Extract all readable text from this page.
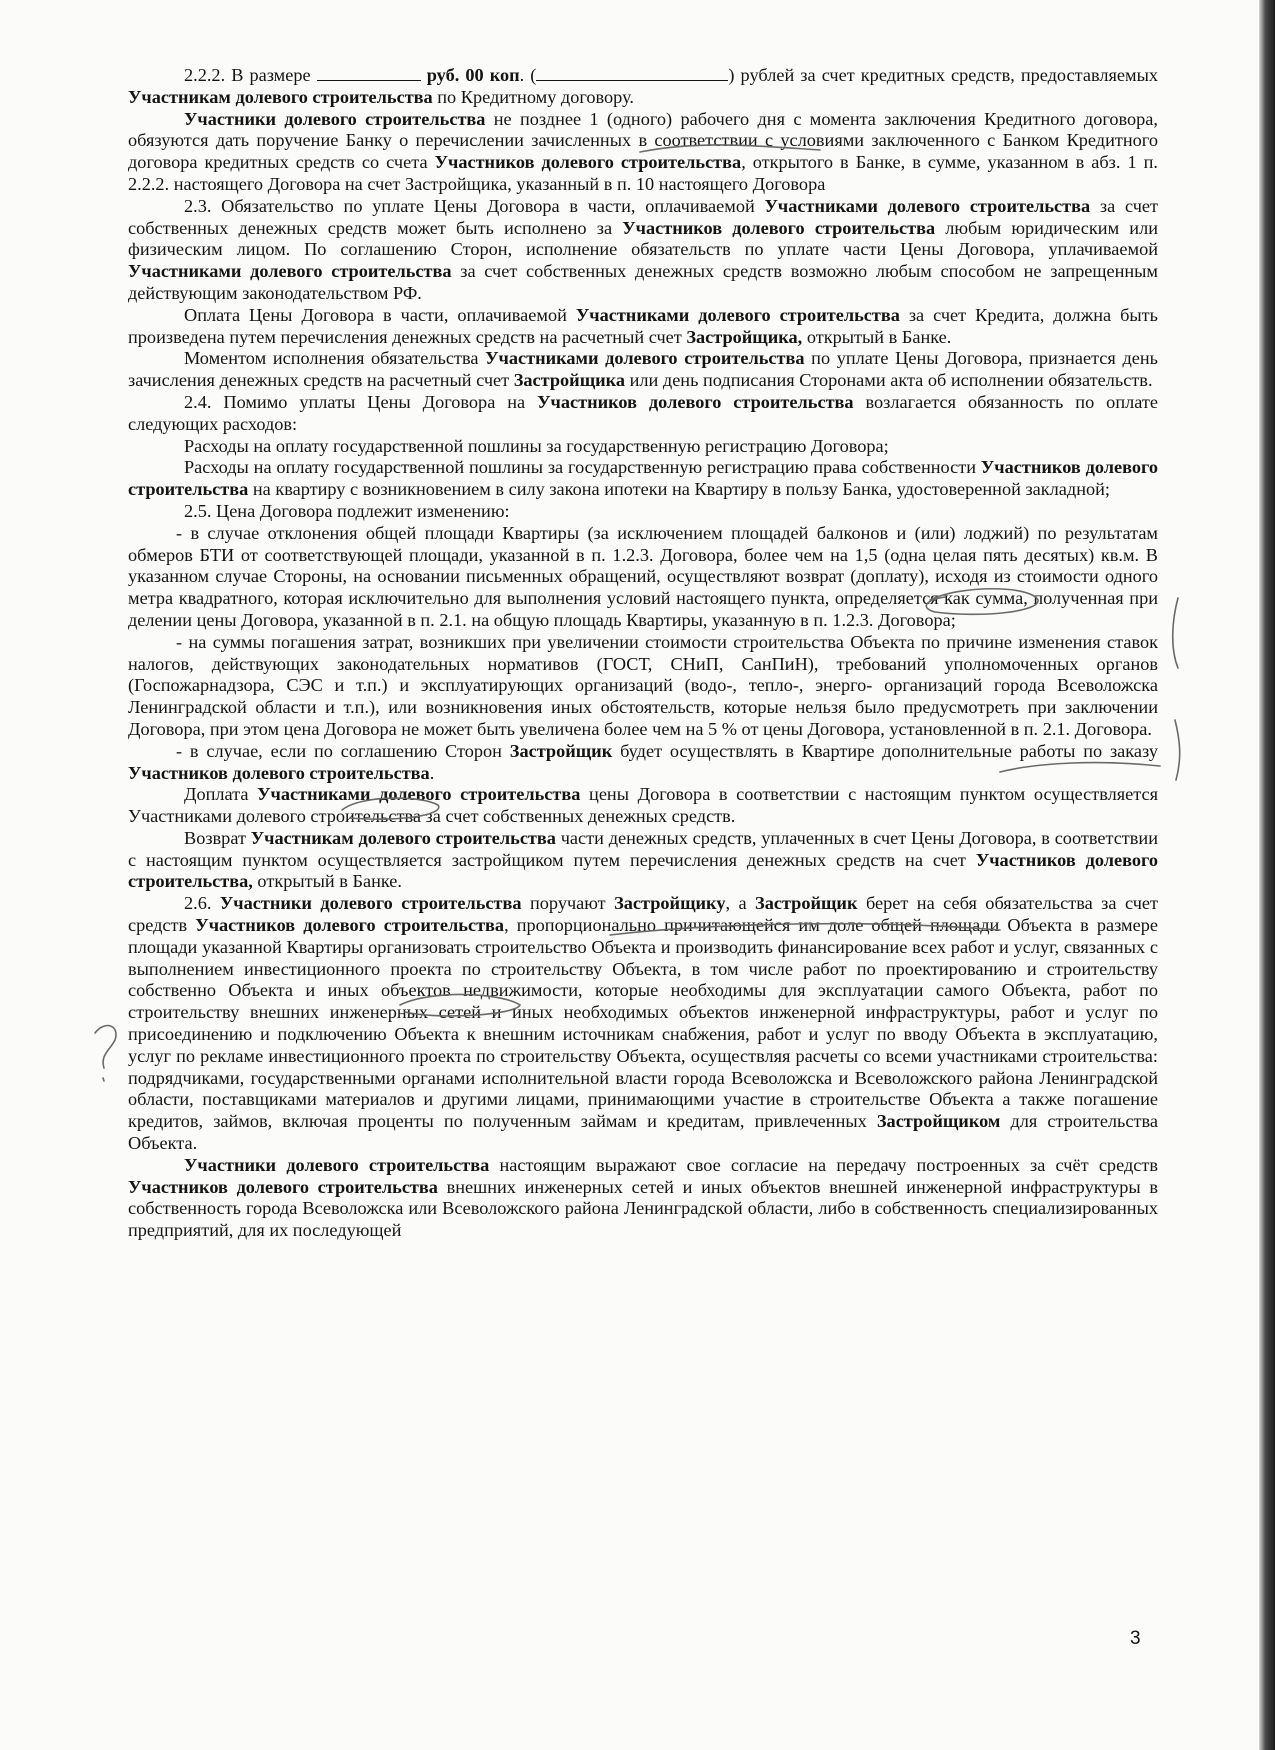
2.2.2. В размере	руб. 00 коп. (	) рублей за счет кредитных средств, предоставляемых Участникам долевого строительства по Кредитному договору.

Участники долевого строительства не позднее 1 (одного) рабочего дня с момента заключения Кредитного договора, обязуются дать поручение Банку о перечислении зачисленных в соответствии с условиями заключенного с Банком Кредитного договора кредитных средств со счета Участников долевого строительства, открытого в Банке, в сумме, указанном в абз. 1 п. 2.2.2. настоящего Договора на счет Застройщика, указанный в п. 10 настоящего Договора

2.3. Обязательство по уплате Цены Договора в части, оплачиваемой Участниками долевого строительства за счет собственных денежных средств может быть исполнено за Участников долевого строительства любым юридическим или физическим лицом. По соглашению Сторон, исполнение обязательств по уплате части Цены Договора, уплачиваемой Участниками долевого строительства за счет собственных денежных средств возможно любым способом не запрещенным действующим законодательством РФ.

Оплата Цены Договора в части, оплачиваемой Участниками долевого строительства за счет Кредита, должна быть произведена путем перечисления денежных средств на расчетный счет Застройщика, открытый в Банке.

Моментом исполнения обязательства Участниками долевого строительства по уплате Цены Договора, признается день зачисления денежных средств на расчетный счет Застройщика или день подписания Сторонами акта об исполнении обязательств.

2.4. Помимо уплаты Цены Договора на Участников долевого строительства возлагается обязанность по оплате следующих расходов:

Расходы на оплату государственной пошлины за государственную регистрацию Договора;

Расходы на оплату государственной пошлины за государственную регистрацию права собственности Участников долевого строительства на квартиру с возникновением в силу закона ипотеки на Квартиру в пользу Банка, удостоверенной закладной;

2.5. Цена Договора подлежит изменению:

- в случае отклонения общей площади Квартиры (за исключением площадей балконов и (или) лоджий) по результатам обмеров БТИ от соответствующей площади, указанной в п. 1.2.3. Договора, более чем на 1,5 (одна целая пять десятых) кв.м. В указанном случае Стороны, на основании письменных обращений, осуществляют возврат (доплату), исходя из стоимости одного метра квадратного, которая исключительно для выполнения условий настоящего пункта, определяется как сумма, полученная при делении цены Договора, указанной в п. 2.1. на общую площадь Квартиры, указанную в п. 1.2.3. Договора;

- на суммы погашения затрат, возникших при увеличении стоимости строительства Объекта по причине изменения ставок налогов, действующих законодательных нормативов (ГОСТ, СНиП, СанПиН), требований уполномоченных органов (Госпожарнадзора, СЭС и т.п.) и эксплуатирующих организаций (водо-, тепло-, энерго- организаций города Всеволожска Ленинградской области и т.п.), или возникновения иных обстоятельств, которые нельзя было предусмотреть при заключении Договора, при этом цена Договора не может быть увеличена более чем на 5 % от цены Договора, установленной в п. 2.1. Договора.

- в случае, если по соглашению Сторон Застройщик будет осуществлять в Квартире дополнительные работы по заказу Участников долевого строительства.

Доплата Участниками долевого строительства цены Договора в соответствии с настоящим пунктом осуществляется Участниками долевого строительства за счет собственных денежных средств.

Возврат Участникам долевого строительства части денежных средств, уплаченных в счет Цены Договора, в соответствии с настоящим пунктом осуществляется застройщиком путем перечисления денежных средств на счет Участников долевого строительства, открытый в Банке.

2.6. Участники долевого строительства поручают Застройщику, а Застройщик берет на себя обязательства за счет средств Участников долевого строительства, пропорционально причитающейся им доле общей площади Объекта в размере площади указанной Квартиры организовать строительство Объекта и производить финансирование всех работ и услуг, связанных с выполнением инвестиционного проекта по строительству Объекта, в том числе работ по проектированию и строительству собственно Объекта и иных объектов недвижимости, которые необходимы для эксплуатации самого Объекта, работ по строительству внешних инженерных сетей и иных необходимых объектов инженерной инфраструктуры, работ и услуг по присоединению и подключению Объекта к внешним источникам снабжения, работ и услуг по вводу Объекта в эксплуатацию, услуг по рекламе инвестиционного проекта по строительству Объекта, осуществляя расчеты со всеми участниками строительства: подрядчиками, государственными органами исполнительной власти города Всеволожска и Всеволожского района Ленинградской области, поставщиками материалов и другими лицами, принимающими участие в строительстве Объекта а также погашение кредитов, займов, включая проценты по полученным займам и кредитам, привлеченных Застройщиком для строительства Объекта.

Участники долевого строительства настоящим выражают свое согласие на передачу построенных за счёт средств Участников долевого строительства внешних инженерных сетей и иных объектов внешней инженерной инфраструктуры в собственность города Всеволожска или Всеволожского района Ленинградской области, либо в собственность специализированных предприятий, для их последующей

3
